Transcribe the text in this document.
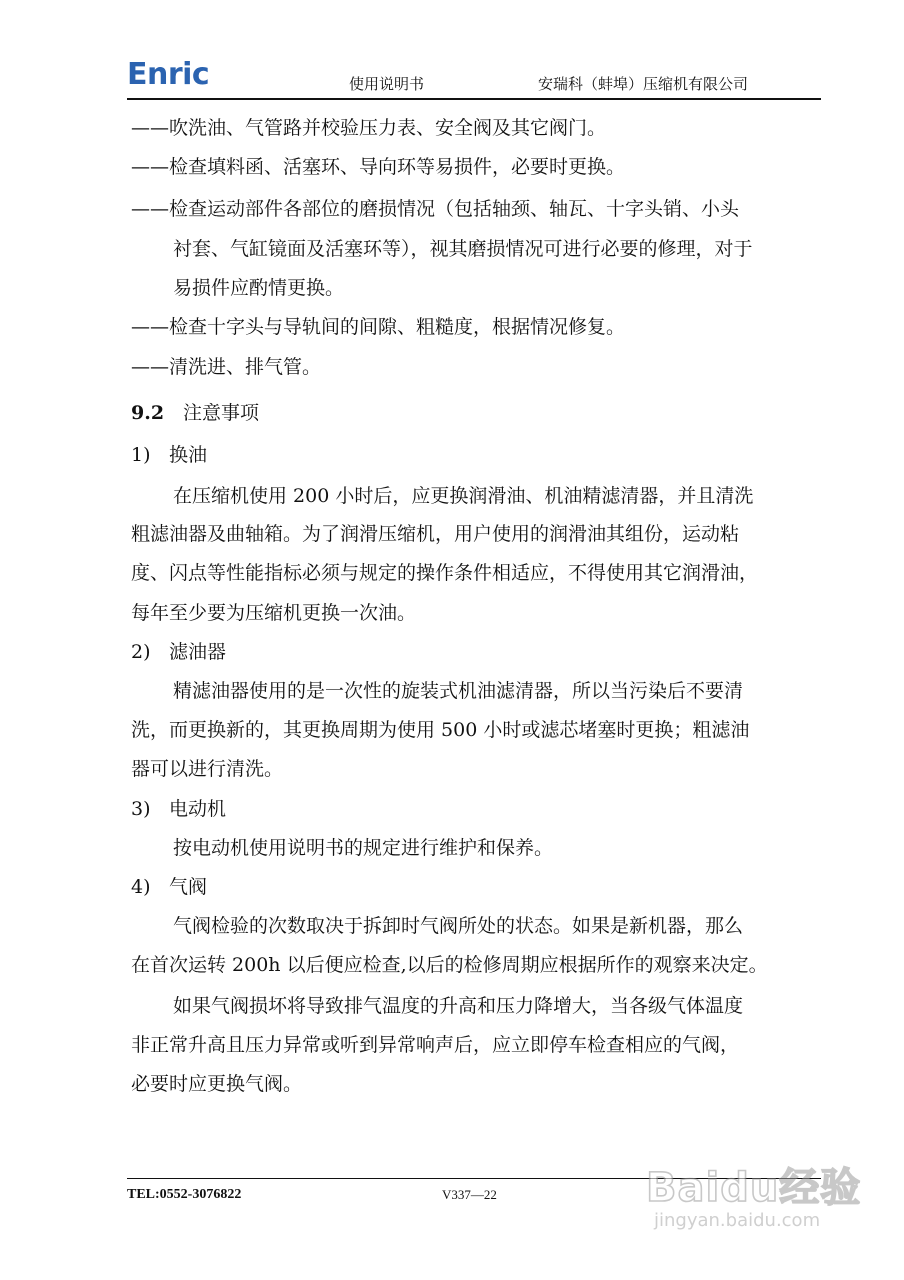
Enric	使用说明书	安瑞科（蚌埠）压缩机有限公司
——吹洗油、气管路并校验压力表、安全阀及其它阀门。
——检查填料函、活塞环、导向环等易损件，必要时更换。
——检查运动部件各部位的磨损情况（包括轴颈、轴瓦、十字头销、小头
衬套、气缸镜面及活塞环等），视其磨损情况可进行必要的修理，对于
易损件应酌情更换。
——检查十字头与导轨间的间隙、粗糙度，根据情况修复。
——清洗进、排气管。
9.2 注意事项
1) 换油
在压缩机使用 200 小时后，应更换润滑油、机油精滤清器，并且清洗
粗滤油器及曲轴箱。为了润滑压缩机，用户使用的润滑油其组份，运动粘
度、闪点等性能指标必须与规定的操作条件相适应，不得使用其它润滑油，
每年至少要为压缩机更换一次油。
2) 滤油器
精滤油器使用的是一次性的旋装式机油滤清器，所以当污染后不要清
洗，而更换新的，其更换周期为使用 500 小时或滤芯堵塞时更换；粗滤油
器可以进行清洗。
3) 电动机
按电动机使用说明书的规定进行维护和保养。
4) 气阀
气阀检验的次数取决于拆卸时气阀所处的状态。如果是新机器，那么
在首次运转 200h 以后便应检查,以后的检修周期应根据所作的观察来决定。
如果气阀损坏将导致排气温度的升高和压力降增大，当各级气体温度
非正常升高且压力异常或听到异常响声后，应立即停车检查相应的气阀，
必要时应更换气阀。
TEL:0552-3076822	V337—22	Baidu经验
jingyan.baidu.com
